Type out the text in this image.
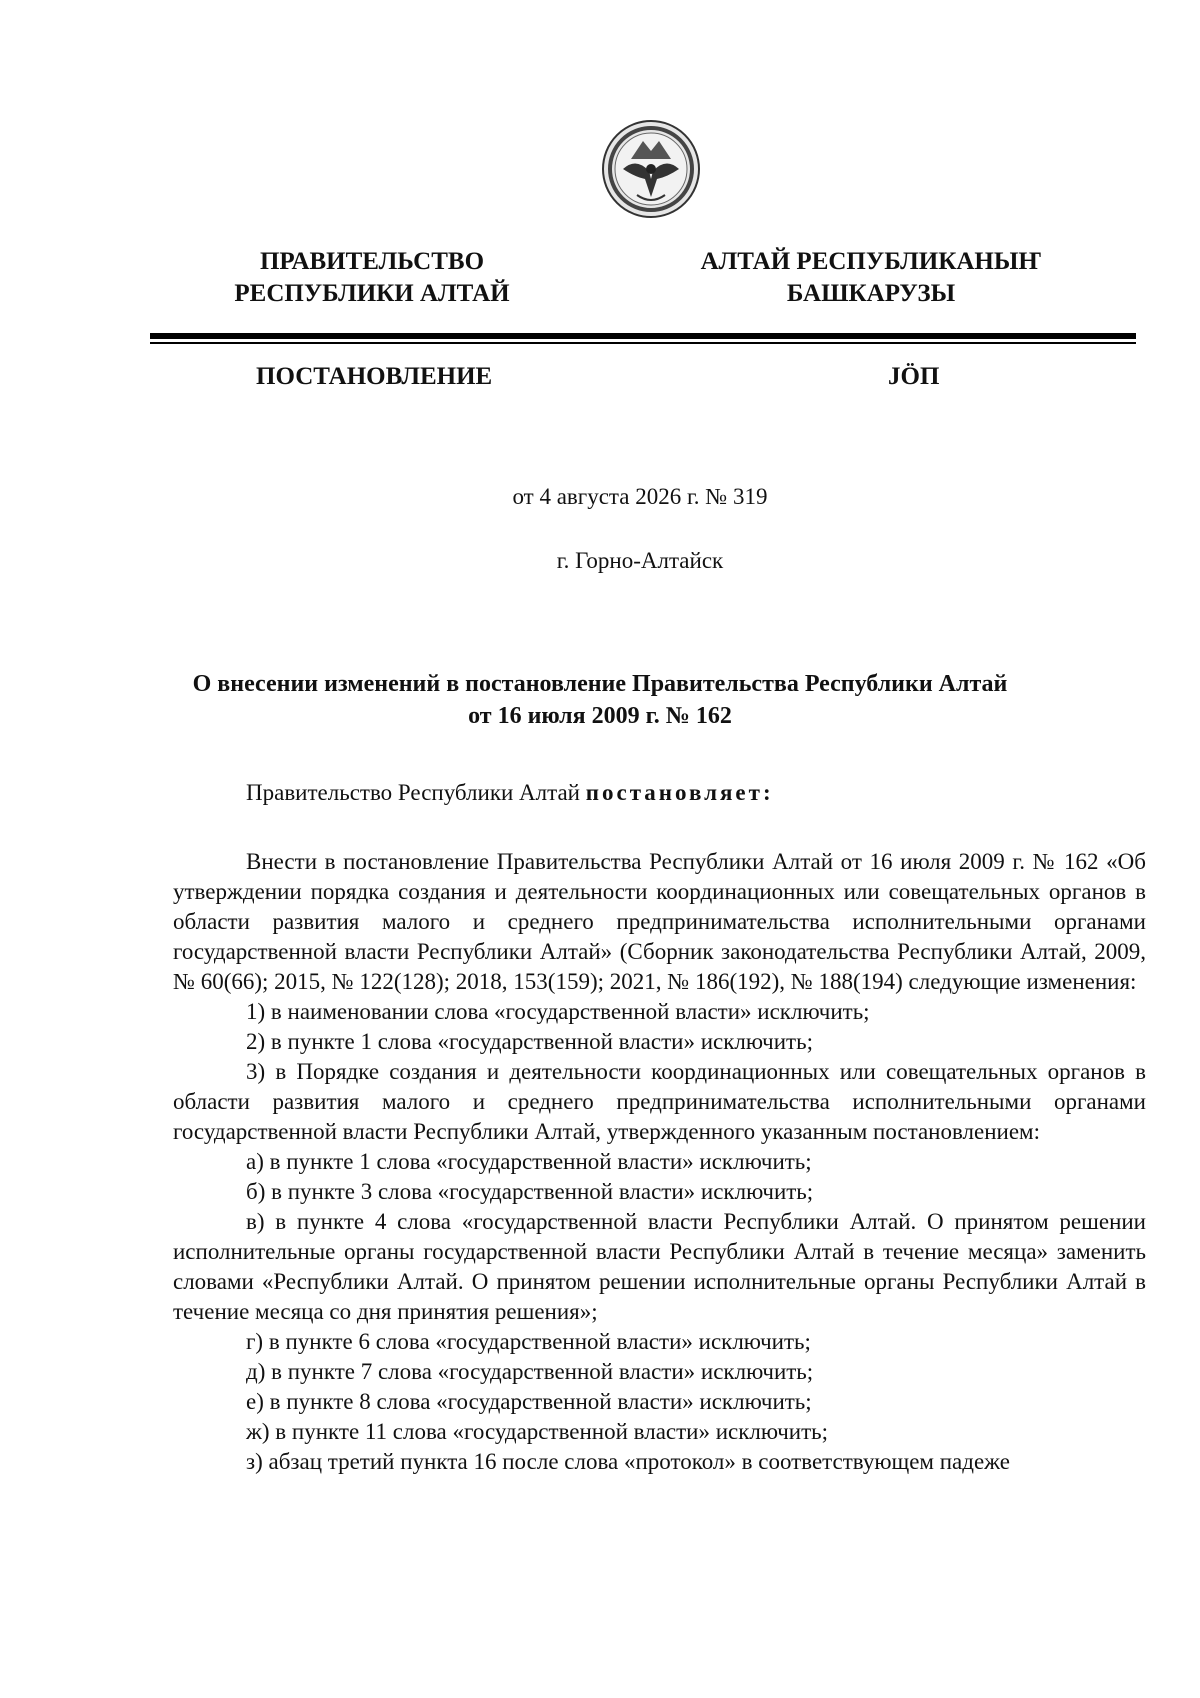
ПРАВИТЕЛЬСТВО
РЕСПУБЛИКИ АЛТАЙ
АЛТАЙ РЕСПУБЛИКАНЫҤ
БАШКАРУЗЫ
ПОСТАНОВЛЕНИЕ	ЈÖП
от 4 августа 2026 г. № 319
г. Горно-Алтайск
О внесении изменений в постановление Правительства Республики Алтай
от 16 июля 2009 г. № 162

Правительство Республики Алтай постановляет:

Внести в постановление Правительства Республики Алтай от 16 июля 2009 г. № 162 «Об утверждении порядка создания и деятельности координационных или совещательных органов в области развития малого и среднего предпринимательства исполнительными органами государственной власти Республики Алтай» (Сборник законодательства Республики Алтай, 2009, № 60(66); 2015, № 122(128); 2018, 153(159); 2021, № 186(192), № 188(194) следующие изменения:

1) в наименовании слова «государственной власти» исключить;

2) в пункте 1 слова «государственной власти» исключить;

3) в Порядке создания и деятельности координационных или совещательных органов в области развития малого и среднего предпринимательства исполнительными органами государственной власти Республики Алтай, утвержденного указанным постановлением:

а) в пункте 1 слова «государственной власти» исключить;

б) в пункте 3 слова «государственной власти» исключить;

в) в пункте 4 слова «государственной власти Республики Алтай. О принятом решении исполнительные органы государственной власти Республики Алтай в течение месяца» заменить словами «Республики Алтай. О принятом решении исполнительные органы Республики Алтай в течение месяца со дня принятия решения»;

г) в пункте 6 слова «государственной власти» исключить;

д) в пункте 7 слова «государственной власти» исключить;

е) в пункте 8 слова «государственной власти» исключить;

ж) в пункте 11 слова «государственной власти» исключить;

з) абзац третий пункта 16 после слова «протокол» в соответствующем падеже
